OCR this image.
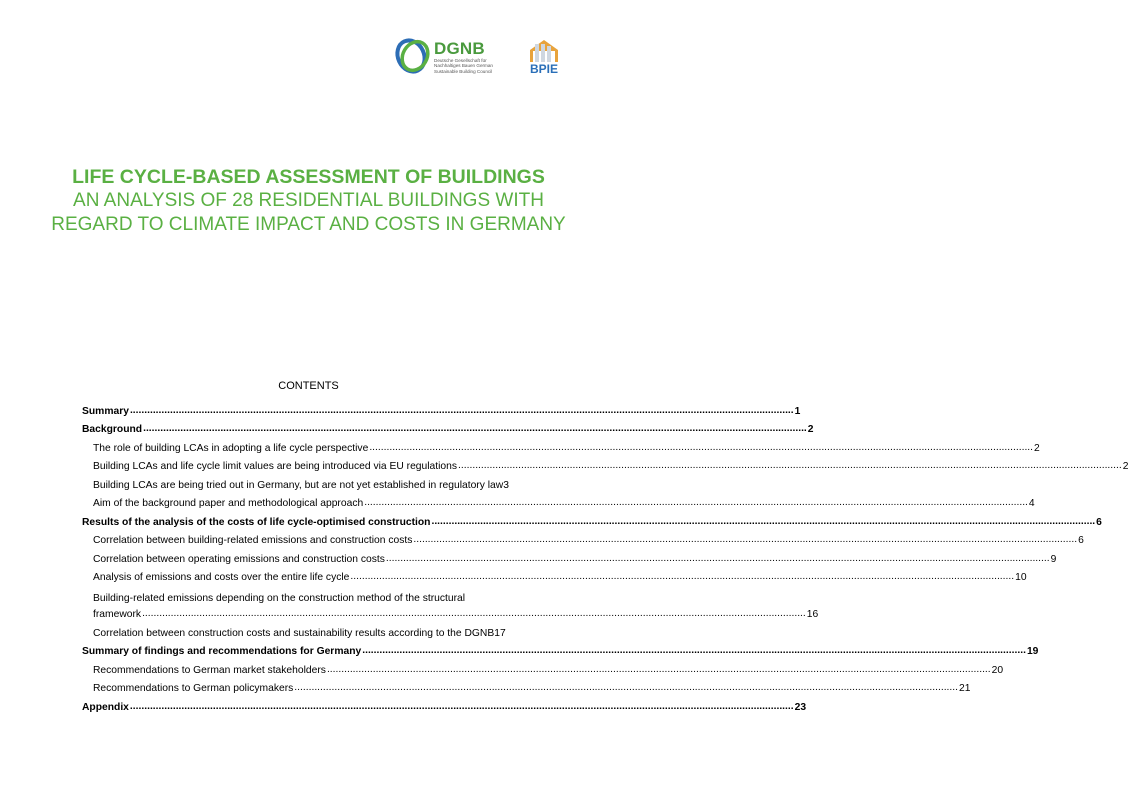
DGNB
Deutsche Gesellschaft für Nachhaltiges Bauen German Sustainable Building Council	BPIE
LIFE CYCLE-BASED ASSESSMENT OF BUILDINGS
AN ANALYSIS OF 28 RESIDENTIAL BUILDINGS WITH REGARD TO CLIMATE IMPACT AND COSTS IN GERMANY
CONTENTS
Summary .....	1
Background .....	2
The role of building LCAs in adopting a life cycle perspective .....	2
Building LCAs and life cycle limit values are being introduced via EU regulations .....	2
Building LCAs are being tried out in Germany, but are not yet established in regulatory law 3
Aim of the background paper and methodological approach .....	4
Results of the analysis of the costs of life cycle-optimised construction .....	6
Correlation between building-related emissions and construction costs .....	6
Correlation between operating emissions and construction costs .....	9
Analysis of emissions and costs over the entire life cycle .....	10
Building-related emissions depending on the construction method of the structural
framework .....	16
Correlation between construction costs and sustainability results according to the DGNB 17
Summary of findings and recommendations for Germany .....	19
Recommendations to German market stakeholders .....	20
Recommendations to German policymakers .....	21
Appendix .....	23
